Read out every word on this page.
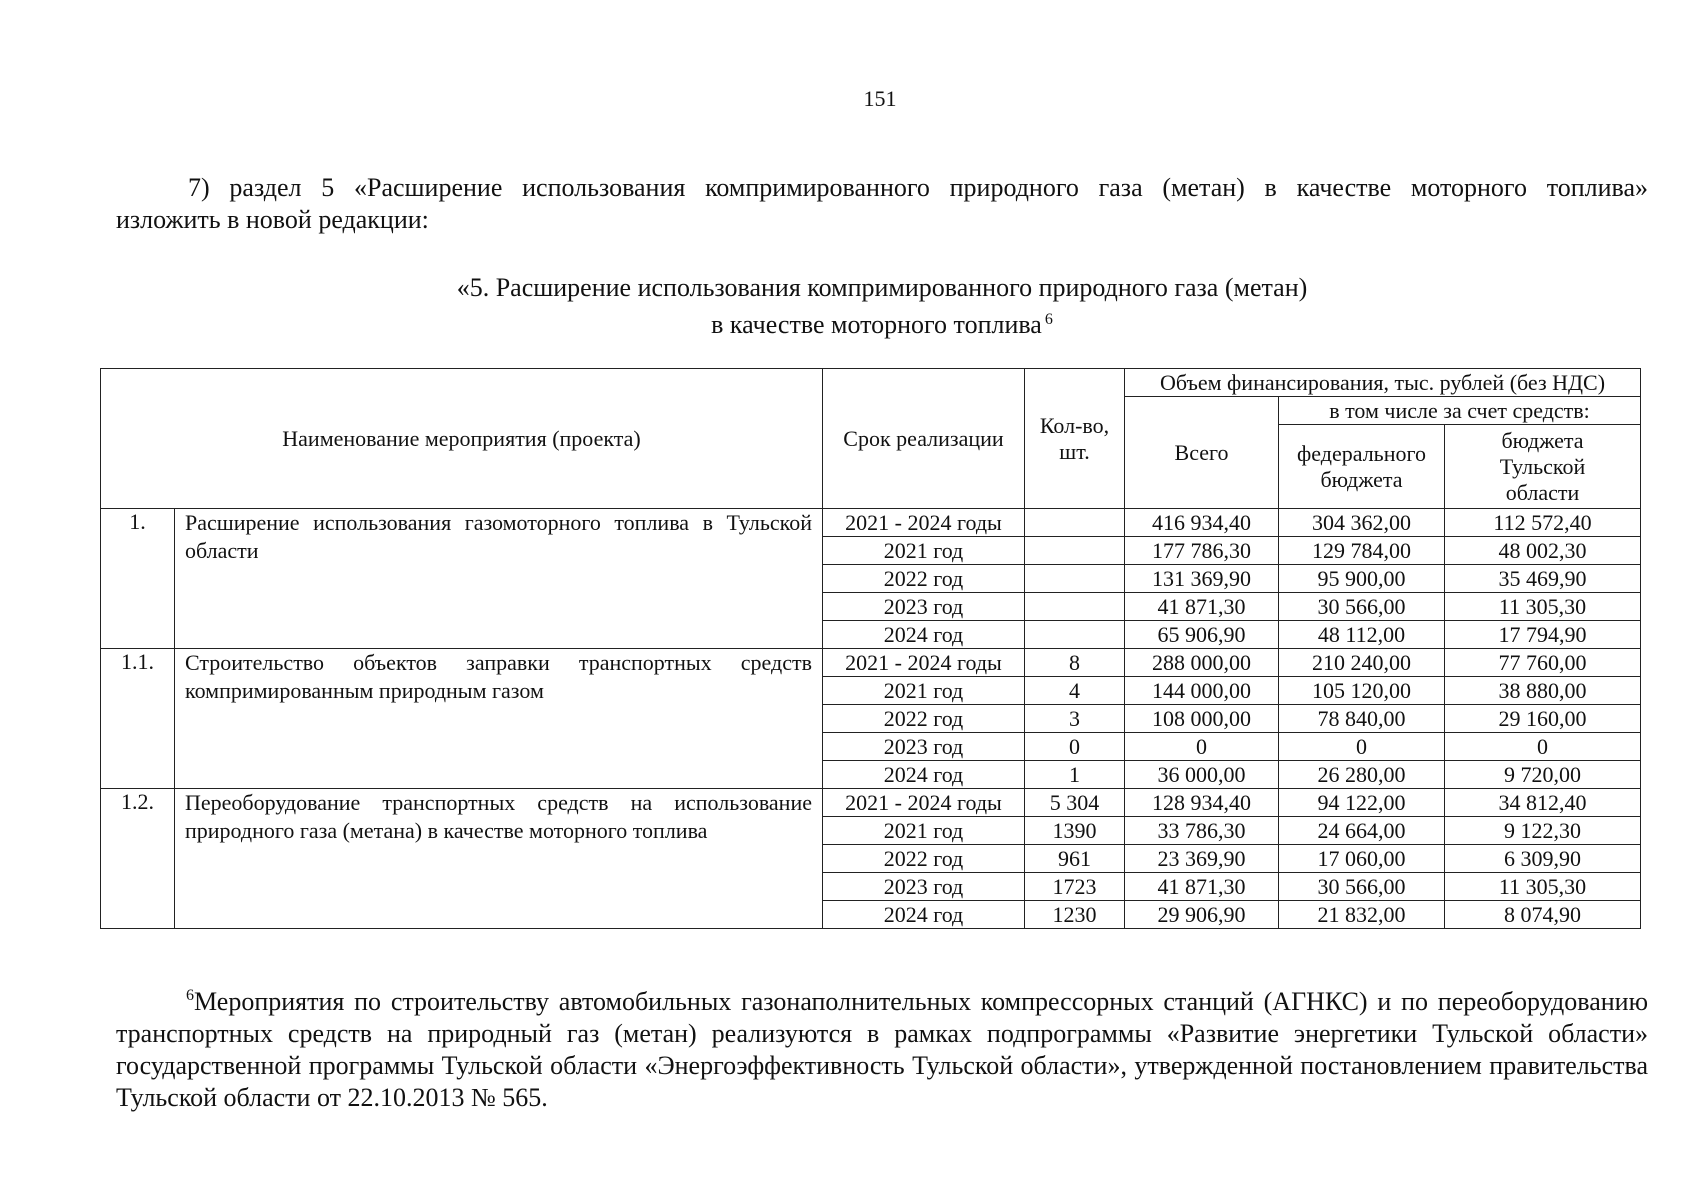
151

7) раздел 5 «Расширение использования компримированного природного газа (метан) в качестве моторного топлива»
изложить в новой редакции:

«5. Расширение использования компримированного природного газа (метан)
в качестве моторного топлива $^6$
Наименование мероприятия (проекта)		Срок реализации	Кол-во, шт.	Объем финансирования, тыс. рублей (без НДС)		
				Всего	в том числе за счет средств:	
					федерального бюджета	бюджета Тульской области
1.	Расширение использования газомоторного топлива в Тульской области	2021 - 2024 годы		416 934,40	304 362,00	112 572,40
		2021 год		177 786,30	129 784,00	48 002,30
		2022 год		131 369,90	95 900,00	35 469,90
		2023 год		41 871,30	30 566,00	11 305,30
		2024 год		65 906,90	48 112,00	17 794,90
1.1.	Строительство объектов заправки транспортных средств компримированным природным газом	2021 - 2024 годы	8	288 000,00	210 240,00	77 760,00
		2021 год	4	144 000,00	105 120,00	38 880,00
		2022 год	3	108 000,00	78 840,00	29 160,00
		2023 год	0	0	0	0
		2024 год	1	36 000,00	26 280,00	9 720,00
1.2.	Переоборудование транспортных средств на использование природного газа (метана) в качестве моторного топлива	2021 - 2024 годы	5 304	128 934,40	94 122,00	34 812,40
		2021 год	1390	33 786,30	24 664,00	9 122,30
		2022 год	961	23 369,90	17 060,00	6 309,90
		2023 год	1723	41 871,30	30 566,00	11 305,30
		2024 год	1230	29 906,90	21 832,00	8 074,90

$^6$Мероприятия по строительству автомобильных газонаполнительных компрессорных станций (АГНКС) и по переоборудованию транспортных средств на природный газ (метан) реализуются в рамках подпрограммы «Развитие энергетики Тульской области» государственной программы Тульской области «Энергоэффективность Тульской области», утвержденной постановлением правительства Тульской области от 22.10.2013 № 565.
